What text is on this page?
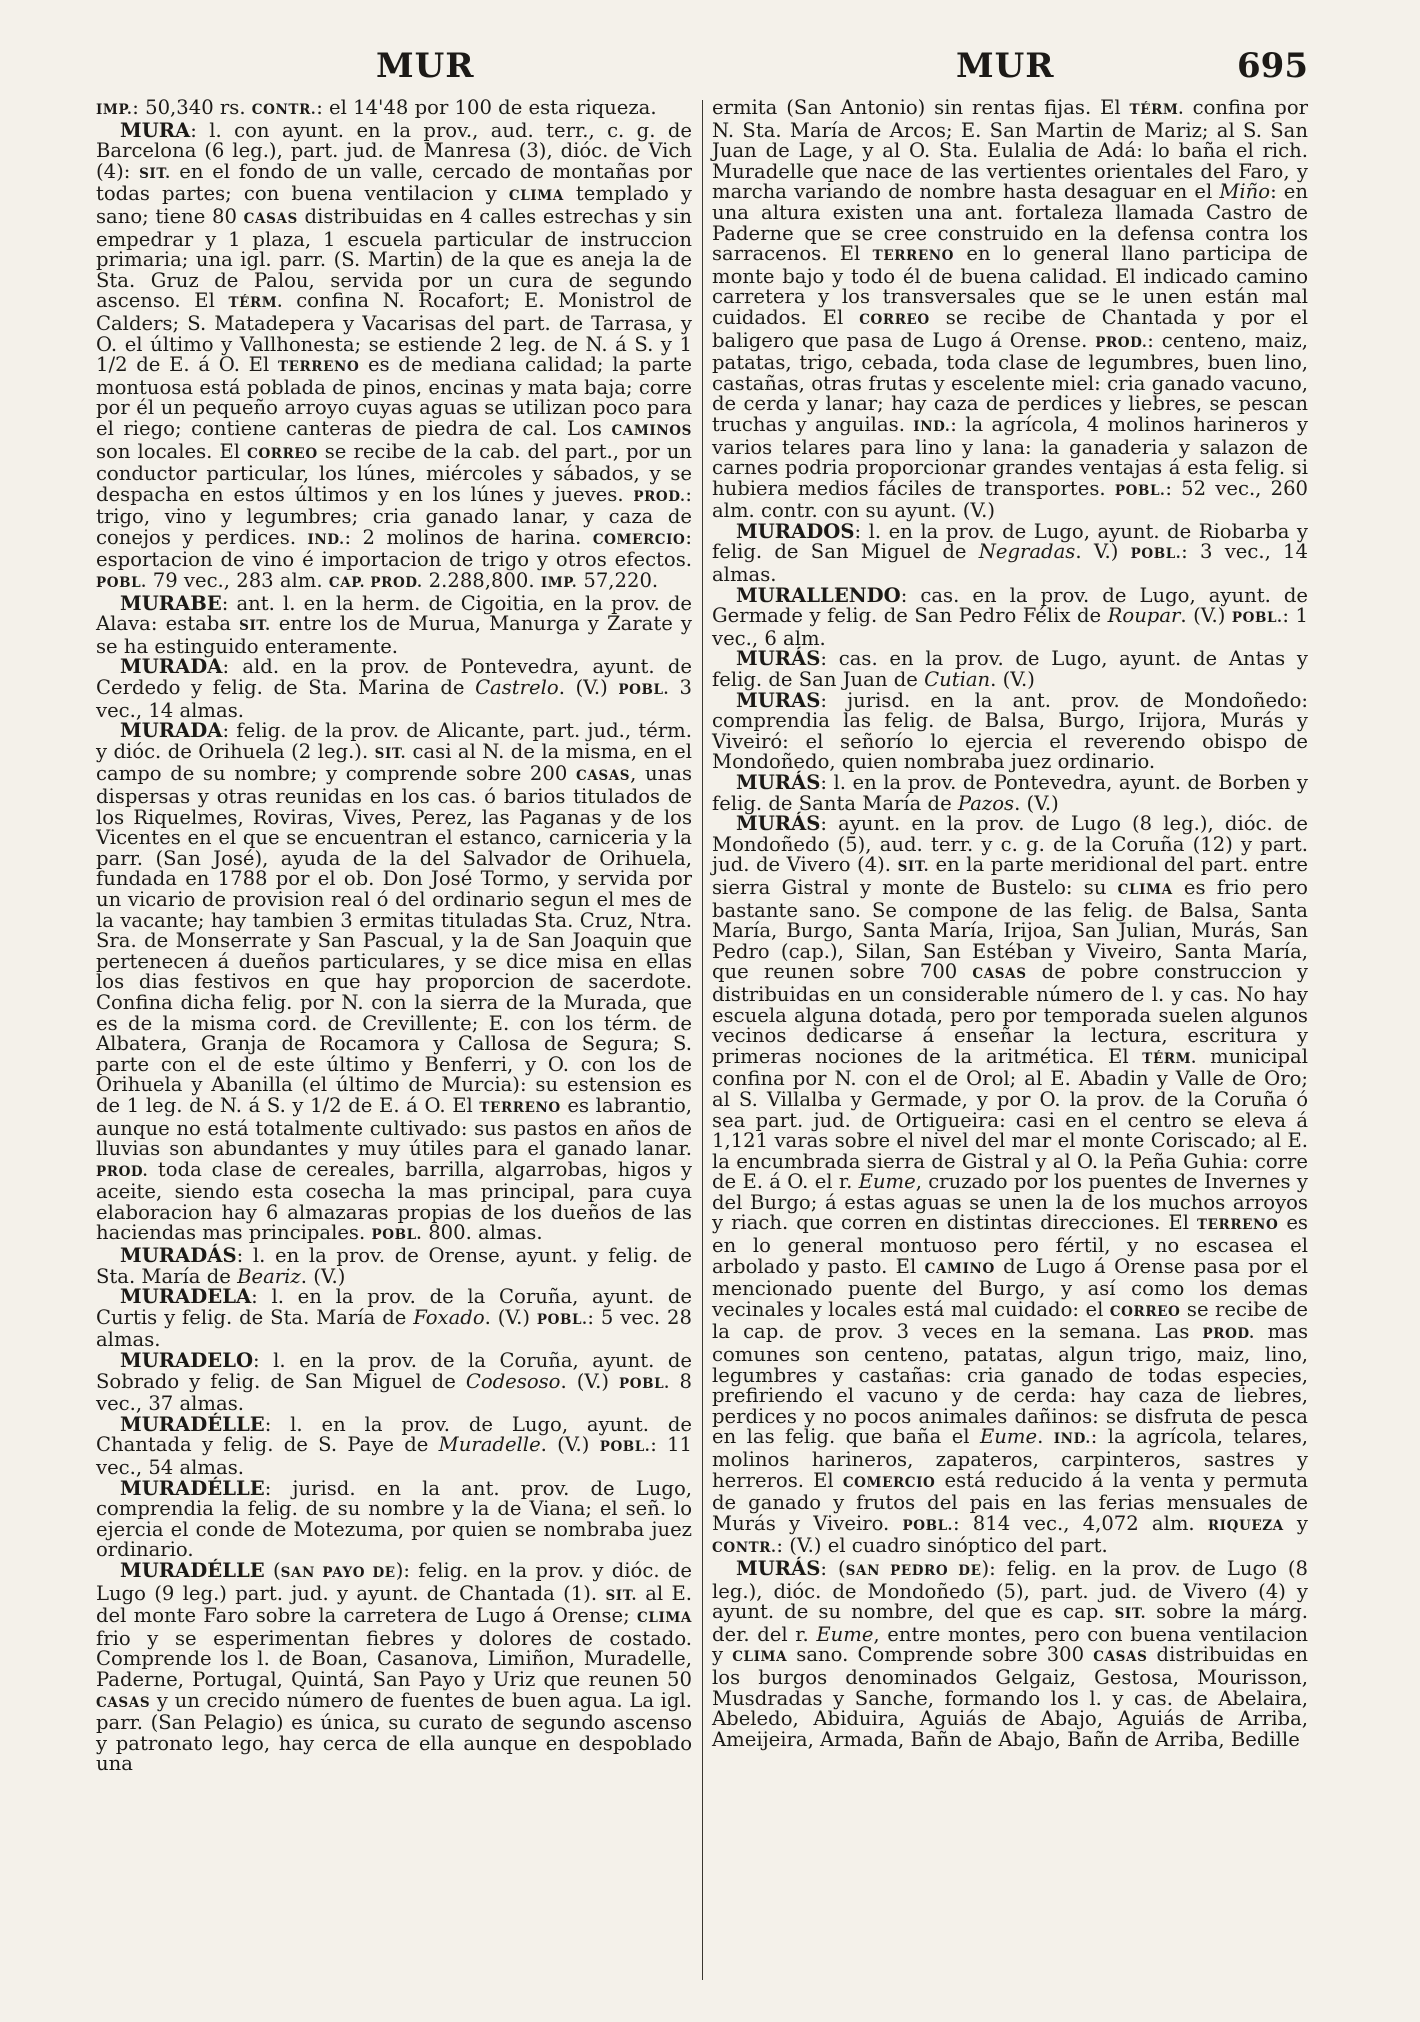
MUR	MUR	695

IMP.: 50,340 rs. CONTR.: el 14'48 por 100 de esta riqueza.

MURA: l. con ayunt. en la prov., aud. terr., c. g. de Barcelona (6 leg.), part. jud. de Manresa (3), dióc. de Vich (4): SIT. en el fondo de un valle, cercado de montañas por todas partes; con buena ventilacion y CLIMA templado y sano; tiene 80 CASAS distribuidas en 4 calles estrechas y sin empedrar y 1 plaza, 1 escuela particular de instruccion primaria; una igl. parr. (S. Martin) de la que es aneja la de Sta. Gruz de Palou, servida por un cura de segundo ascenso. El TÉRM. confina N. Rocafort; E. Monistrol de Calders; S. Matadepera y Vacarisas del part. de Tarrasa, y O. el último y Vallhonesta; se estiende 2 leg. de N. á S. y 1 1/2 de E. á O. El TERRENO es de mediana calidad; la parte montuosa está poblada de pinos, encinas y mata baja; corre por él un pequeño arroyo cuyas aguas se utilizan poco para el riego; contiene canteras de piedra de cal. Los CAMINOS son locales. El CORREO se recibe de la cab. del part., por un conductor particular, los lúnes, miércoles y sábados, y se despacha en estos últimos y en los lúnes y jueves. PROD.: trigo, vino y legumbres; cria ganado lanar, y caza de conejos y perdices. IND.: 2 molinos de harina. COMERCIO: esportacion de vino é importacion de trigo y otros efectos. POBL. 79 vec., 283 alm. CAP. PROD. 2.288,800. IMP. 57,220.

MURABE: ant. l. en la herm. de Cigoitia, en la prov. de Alava: estaba SIT. entre los de Murua, Manurga y Zarate y se ha estinguido enteramente.

MURADA: ald. en la prov. de Pontevedra, ayunt. de Cerdedo y felig. de Sta. Marina de Castrelo. (V.) POBL. 3 vec., 14 almas.

MURADA: felig. de la prov. de Alicante, part. jud., térm. y dióc. de Orihuela (2 leg.). SIT. casi al N. de la misma, en el campo de su nombre; y comprende sobre 200 CASAS, unas dispersas y otras reunidas en los cas. ó barios titulados de los Riquelmes, Roviras, Vives, Perez, las Paganas y de los Vicentes en el que se encuentran el estanco, carniceria y la parr. (San José), ayuda de la del Salvador de Orihuela, fundada en 1788 por el ob. Don José Tormo, y servida por un vicario de provision real ó del ordinario segun el mes de la vacante; hay tambien 3 ermitas tituladas Sta. Cruz, Ntra. Sra. de Monserrate y San Pascual, y la de San Joaquin que pertenecen á dueños particulares, y se dice misa en ellas los dias festivos en que hay proporcion de sacerdote. Confina dicha felig. por N. con la sierra de la Murada, que es de la misma cord. de Crevillente; E. con los térm. de Albatera, Granja de Rocamora y Callosa de Segura; S. parte con el de este último y Benferri, y O. con los de Orihuela y Abanilla (el último de Murcia): su estension es de 1 leg. de N. á S. y 1/2 de E. á O. El TERRENO es labrantio, aunque no está totalmente cultivado: sus pastos en años de lluvias son abundantes y muy útiles para el ganado lanar. PROD. toda clase de cereales, barrilla, algarrobas, higos y aceite, siendo esta cosecha la mas principal, para cuya elaboracion hay 6 almazaras propias de los dueños de las haciendas mas principales. POBL. 800. almas.

MURADÁS: l. en la prov. de Orense, ayunt. y felig. de Sta. María de Beariz. (V.)

MURADELA: l. en la prov. de la Coruña, ayunt. de Curtis y felig. de Sta. María de Foxado. (V.) POBL.: 5 vec. 28 almas.

MURADELO: l. en la prov. de la Coruña, ayunt. de Sobrado y felig. de San Miguel de Codesoso. (V.) POBL. 8 vec., 37 almas.

MURADÉLLE: l. en la prov. de Lugo, ayunt. de Chantada y felig. de S. Paye de Muradelle. (V.) POBL.: 11 vec., 54 almas.

MURADÉLLE: jurisd. en la ant. prov. de Lugo, comprendia la felig. de su nombre y la de Viana; el señ. lo ejercia el conde de Motezuma, por quien se nombraba juez ordinario.

MURADÉLLE (SAN PAYO DE): felig. en la prov. y dióc. de Lugo (9 leg.) part. jud. y ayunt. de Chantada (1). SIT. al E. del monte Faro sobre la carretera de Lugo á Orense; CLIMA frio y se esperimentan fiebres y dolores de costado. Comprende los l. de Boan, Casanova, Limiñon, Muradelle, Paderne, Portugal, Quintá, San Payo y Uriz que reunen 50 CASAS y un crecido número de fuentes de buen agua. La igl. parr. (San Pelagio) es única, su curato de segundo ascenso y patronato lego, hay cerca de ella aunque en despoblado una

ermita (San Antonio) sin rentas fijas. El TÉRM. confina por N. Sta. María de Arcos; E. San Martin de Mariz; al S. San Juan de Lage, y al O. Sta. Eulalia de Adá: lo baña el rich. Muradelle que nace de las vertientes orientales del Faro, y marcha variando de nombre hasta desaguar en el Miño: en una altura existen una ant. fortaleza llamada Castro de Paderne que se cree construido en la defensa contra los sarracenos. El TERRENO en lo general llano participa de monte bajo y todo él de buena calidad. El indicado camino carretera y los transversales que se le unen están mal cuidados. El CORREO se recibe de Chantada y por el baligero que pasa de Lugo á Orense. PROD.: centeno, maiz, patatas, trigo, cebada, toda clase de legumbres, buen lino, castañas, otras frutas y escelente miel: cria ganado vacuno, de cerda y lanar; hay caza de perdices y liebres, se pescan truchas y anguilas. IND.: la agrícola, 4 molinos harineros y varios telares para lino y lana: la ganaderia y salazon de carnes podria proporcionar grandes ventajas á esta felig. si hubiera medios fáciles de transportes. POBL.: 52 vec., 260 alm. contr. con su ayunt. (V.)

MURADOS: l. en la prov. de Lugo, ayunt. de Riobarba y felig. de San Miguel de Negradas. V.) POBL.: 3 vec., 14 almas.

MURALLENDO: cas. en la prov. de Lugo, ayunt. de Germade y felig. de San Pedro Félix de Roupar. (V.) POBL.: 1 vec., 6 alm.

MURÁS: cas. en la prov. de Lugo, ayunt. de Antas y felig. de San Juan de Cutian. (V.)

MURAS: jurisd. en la ant. prov. de Mondoñedo: comprendia las felig. de Balsa, Burgo, Irijora, Murás y Viveiró: el señorío lo ejercia el reverendo obispo de Mondoñedo, quien nombraba juez ordinario.

MURÁS: l. en la prov. de Pontevedra, ayunt. de Borben y felig. de Santa María de Pazos. (V.)

MURÁS: ayunt. en la prov. de Lugo (8 leg.), dióc. de Mondoñedo (5), aud. terr. y c. g. de la Coruña (12) y part. jud. de Vivero (4). SIT. en la parte meridional del part. entre sierra Gistral y monte de Bustelo: su CLIMA es frio pero bastante sano. Se compone de las felig. de Balsa, Santa María, Burgo, Santa María, Irijoa, San Julian, Murás, San Pedro (cap.), Silan, San Estéban y Viveiro, Santa María, que reunen sobre 700 CASAS de pobre construccion y distribuidas en un considerable número de l. y cas. No hay escuela alguna dotada, pero por temporada suelen algunos vecinos dedicarse á enseñar la lectura, escritura y primeras nociones de la aritmética. El TÉRM. municipal confina por N. con el de Orol; al E. Abadin y Valle de Oro; al S. Villalba y Germade, y por O. la prov. de la Coruña ó sea part. jud. de Ortigueira: casi en el centro se eleva á 1,121 varas sobre el nivel del mar el monte Coriscado; al E. la encumbrada sierra de Gistral y al O. la Peña Guhia: corre de E. á O. el r. Eume, cruzado por los puentes de Invernes y del Burgo; á estas aguas se unen la de los muchos arroyos y riach. que corren en distintas direcciones. El TERRENO es en lo general montuoso pero fértil, y no escasea el arbolado y pasto. El CAMINO de Lugo á Orense pasa por el mencionado puente del Burgo, y así como los demas vecinales y locales está mal cuidado: el CORREO se recibe de la cap. de prov. 3 veces en la semana. Las PROD. mas comunes son centeno, patatas, algun trigo, maiz, lino, legumbres y castañas: cria ganado de todas especies, prefiriendo el vacuno y de cerda: hay caza de liebres, perdices y no pocos animales dañinos: se disfruta de pesca en las felig. que baña el Eume. IND.: la agrícola, telares, molinos harineros, zapateros, carpinteros, sastres y herreros. El COMERCIO está reducido á la venta y permuta de ganado y frutos del pais en las ferias mensuales de Murás y Viveiro. POBL.: 814 vec., 4,072 alm. RIQUEZA y CONTR.: (V.) el cuadro sinóptico del part.

MURÁS: (SAN PEDRO DE): felig. en la prov. de Lugo (8 leg.), dióc. de Mondoñedo (5), part. jud. de Vivero (4) y ayunt. de su nombre, del que es cap. SIT. sobre la márg. der. del r. Eume, entre montes, pero con buena ventilacion y CLIMA sano. Comprende sobre 300 CASAS distribuidas en los burgos denominados Gelgaiz, Gestosa, Mourisson, Musdradas y Sanche, formando los l. y cas. de Abelaira, Abeledo, Abiduira, Aguiás de Abajo, Aguiás de Arriba, Ameijeira, Armada, Bañn de Abajo, Bañn de Arriba, Bedille
